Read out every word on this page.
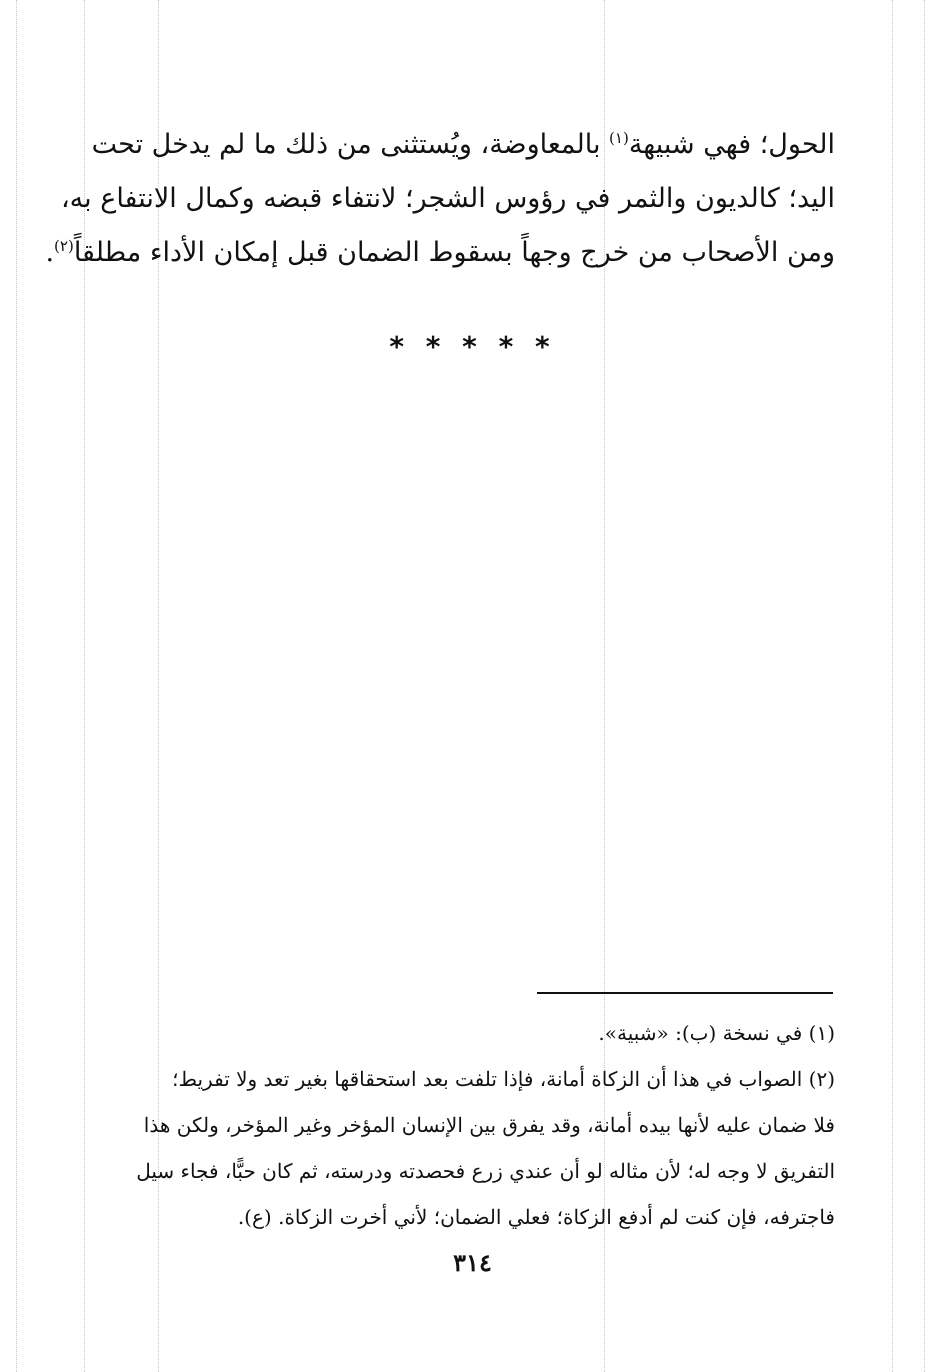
الحول؛ فهي شبيهة$^{(١)}$ بالمعاوضة، ويُستثنى من ذلك ما لم يدخل تحت

اليد؛ كالديون والثمر في رؤوس الشجر؛ لانتفاء قبضه وكمال الانتفاع به،

ومن الأصحاب من خرج وجهاً بسقوط الضمان قبل إمكان الأداء مطلقاً$^{(٢)}$.

* * * * *

(١) في نسخة (ب): «شبية».

(٢) الصواب في هذا أن الزكاة أمانة، فإذا تلفت بعد استحقاقها بغير تعد ولا تفريط؛

فلا ضمان عليه لأنها بيده أمانة، وقد يفرق بين الإنسان المؤخر وغير المؤخر، ولكن هذا

التفريق لا وجه له؛ لأن مثاله لو أن عندي زرع فحصدته ودرسته، ثم كان حبًّا، فجاء سيل

فاجترفه، فإن كنت لم أدفع الزكاة؛ فعلي الضمان؛ لأني أخرت الزكاة. (ع).

٣١٤
